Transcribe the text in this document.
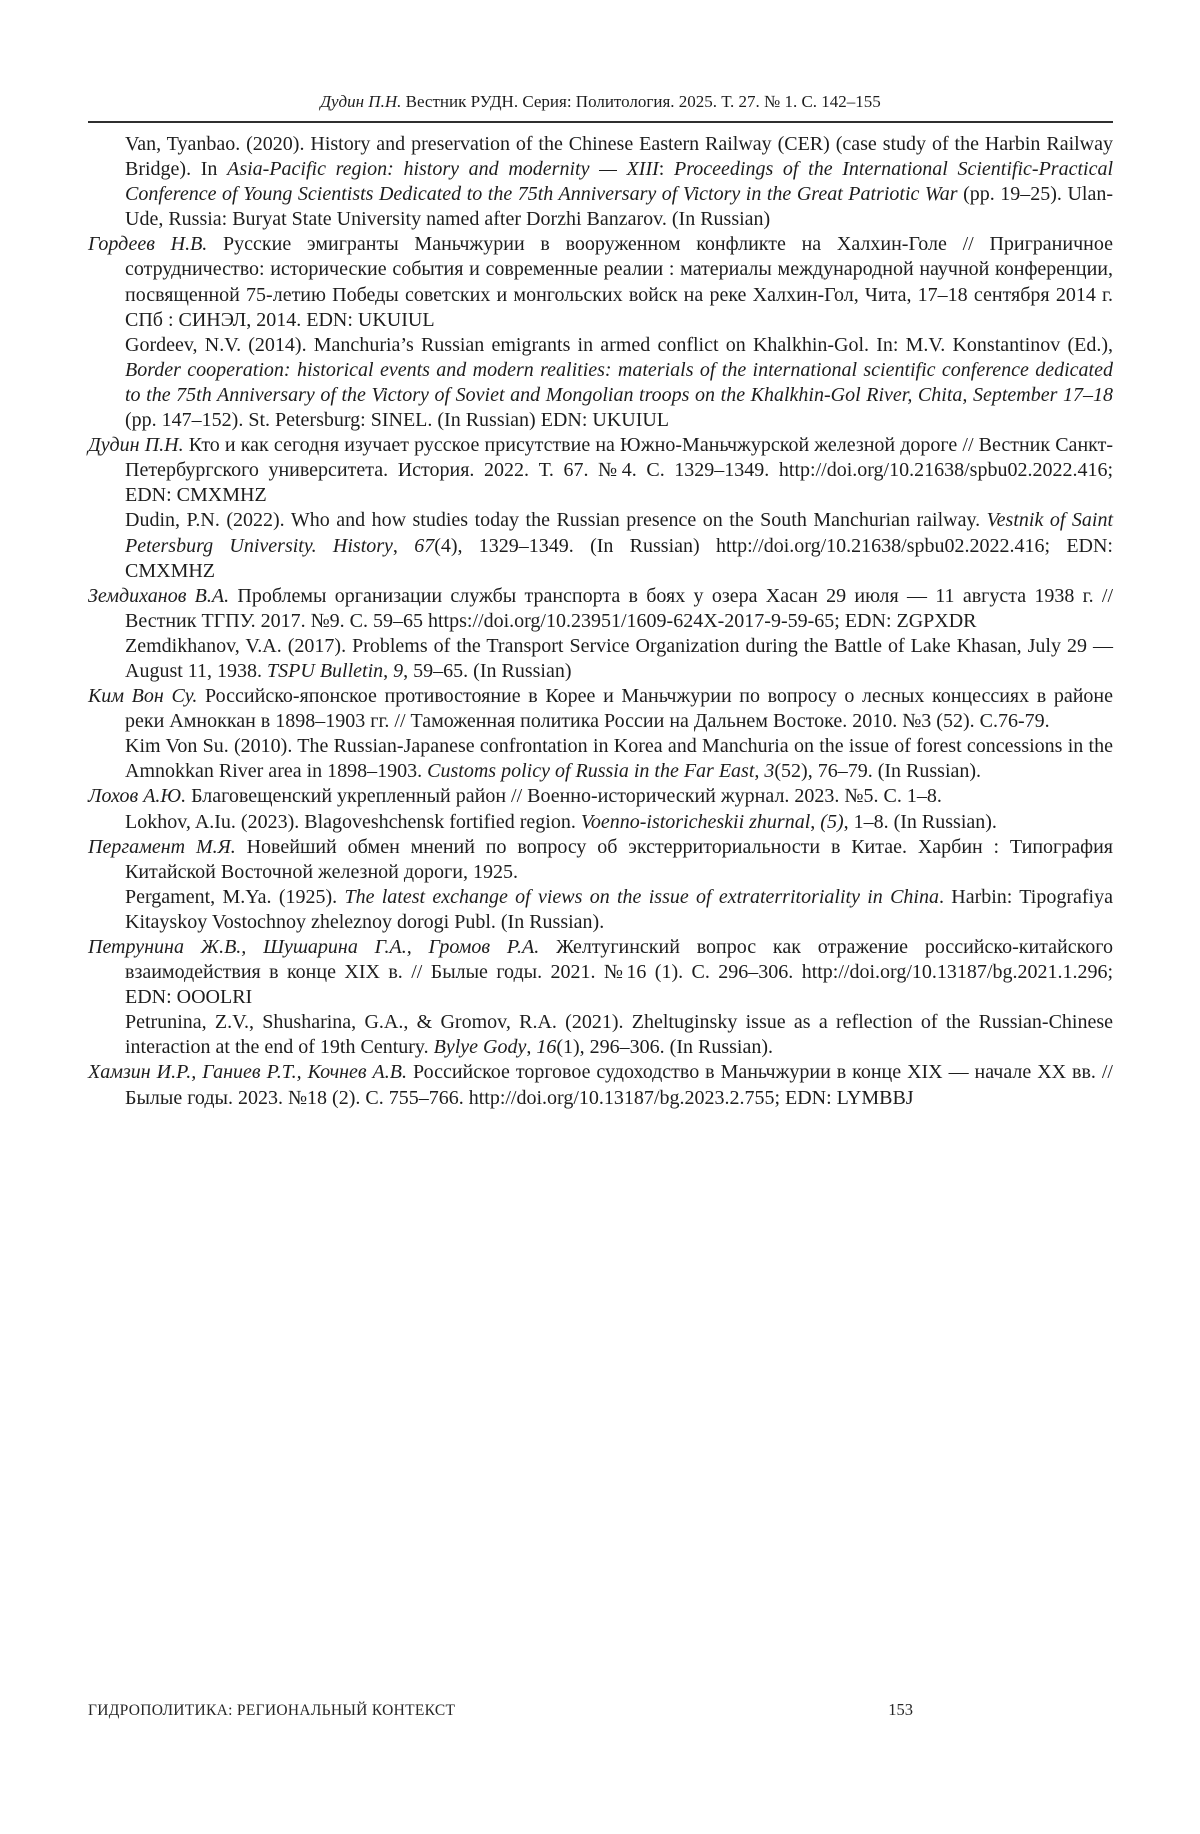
Дудин П.Н. Вестник РУДН. Серия: Политология. 2025. Т. 27. № 1. С. 142–155

Van, Tyanbao. (2020). History and preservation of the Chinese Eastern Railway (CER) (case study of the Harbin Railway Bridge). In Asia-Pacific region: history and modernity — XIII: Proceedings of the International Scientific-Practical Conference of Young Scientists Dedicated to the 75th Anniversary of Victory in the Great Patriotic War (pp. 19–25). Ulan-Ude, Russia: Buryat State University named after Dorzhi Banzarov. (In Russian)

Гордеев Н.В. Русские эмигранты Маньчжурии в вооруженном конфликте на Халхин-Голе // Приграничное сотрудничество: исторические события и современные реалии : материалы международной научной конференции, посвященной 75-летию Победы советских и монгольских войск на реке Халхин-Гол, Чита, 17–18 сентября 2014 г. СПб : СИНЭЛ, 2014. EDN: UKUIUL

Gordeev, N.V. (2014). Manchuria’s Russian emigrants in armed conflict on Khalkhin-Gol. In: M.V. Konstantinov (Ed.), Border cooperation: historical events and modern realities: materials of the international scientific conference dedicated to the 75th Anniversary of the Victory of Soviet and Mongolian troops on the Khalkhin-Gol River, Chita, September 17–18 (pp. 147–152). St. Petersburg: SINEL. (In Russian) EDN: UKUIUL

Дудин П.Н. Кто и как сегодня изучает русское присутствие на Южно-Маньчжурской железной дороге // Вестник Санкт-Петербургского университета. История. 2022. Т. 67. №4. С. 1329–1349. http://doi.org/10.21638/spbu02.2022.416; EDN: CMXMHZ

Dudin, P.N. (2022). Who and how studies today the Russian presence on the South Manchurian railway. Vestnik of Saint Petersburg University. History, 67(4), 1329–1349. (In Russian) http://doi.org/10.21638/spbu02.2022.416; EDN: CMXMHZ

Земдиханов В.А. Проблемы организации службы транспорта в боях у озера Хасан 29 июля — 11 августа 1938 г. // Вестник ТГПУ. 2017. №9. С. 59–65 https://doi.org/10.23951/1609-624X-2017-9-59-65; EDN: ZGPXDR

Zemdikhanov, V.A. (2017). Problems of the Transport Service Organization during the Battle of Lake Khasan, July 29 — August 11, 1938. TSPU Bulletin, 9, 59–65. (In Russian)

Ким Вон Су. Российско-японское противостояние в Корее и Маньчжурии по вопросу о лесных концессиях в районе реки Амноккан в 1898–1903 гг. // Таможенная политика России на Дальнем Востоке. 2010. №3 (52). С.76-79.

Kim Von Su. (2010). The Russian-Japanese confrontation in Korea and Manchuria on the issue of forest concessions in the Amnokkan River area in 1898–1903. Customs policy of Russia in the Far East, 3(52), 76–79. (In Russian).

Лохов А.Ю. Благовещенский укрепленный район // Военно-исторический журнал. 2023. №5. С. 1–8.

Lokhov, A.Iu. (2023). Blagoveshchensk fortified region. Voenno-istoricheskii zhurnal, (5), 1–8. (In Russian).

Пергамент М.Я. Новейший обмен мнений по вопросу об экстерриториальности в Китае. Харбин : Типография Китайской Восточной железной дороги, 1925.

Pergament, M.Ya. (1925). The latest exchange of views on the issue of extraterritoriality in China. Harbin: Tipografiya Kitayskoy Vostochnoy zheleznoy dorogi Publ. (In Russian).

Петрунина Ж.В., Шушарина Г.А., Громов Р.А. Желтугинский вопрос как отражение российско-китайского взаимодействия в конце XIX в. // Былые годы. 2021. №16 (1). С. 296–306. http://doi.org/10.13187/bg.2021.1.296; EDN: OOOLRI

Petrunina, Z.V., Shusharina, G.A., & Gromov, R.A. (2021). Zheltuginsky issue as a reflection of the Russian-Chinese interaction at the end of 19th Century. Bylye Gody, 16(1), 296–306. (In Russian).

Хамзин И.Р., Ганиев Р.Т., Кочнев А.В. Российское торговое судоходство в Маньчжурии в конце XIX — начале XX вв. // Былые годы. 2023. №18 (2). С. 755–766. http://doi.org/10.13187/bg.2023.2.755; EDN: LYMBBJ

ГИДРОПОЛИТИКА: РЕГИОНАЛЬНЫЙ КОНТЕКСТ	153
